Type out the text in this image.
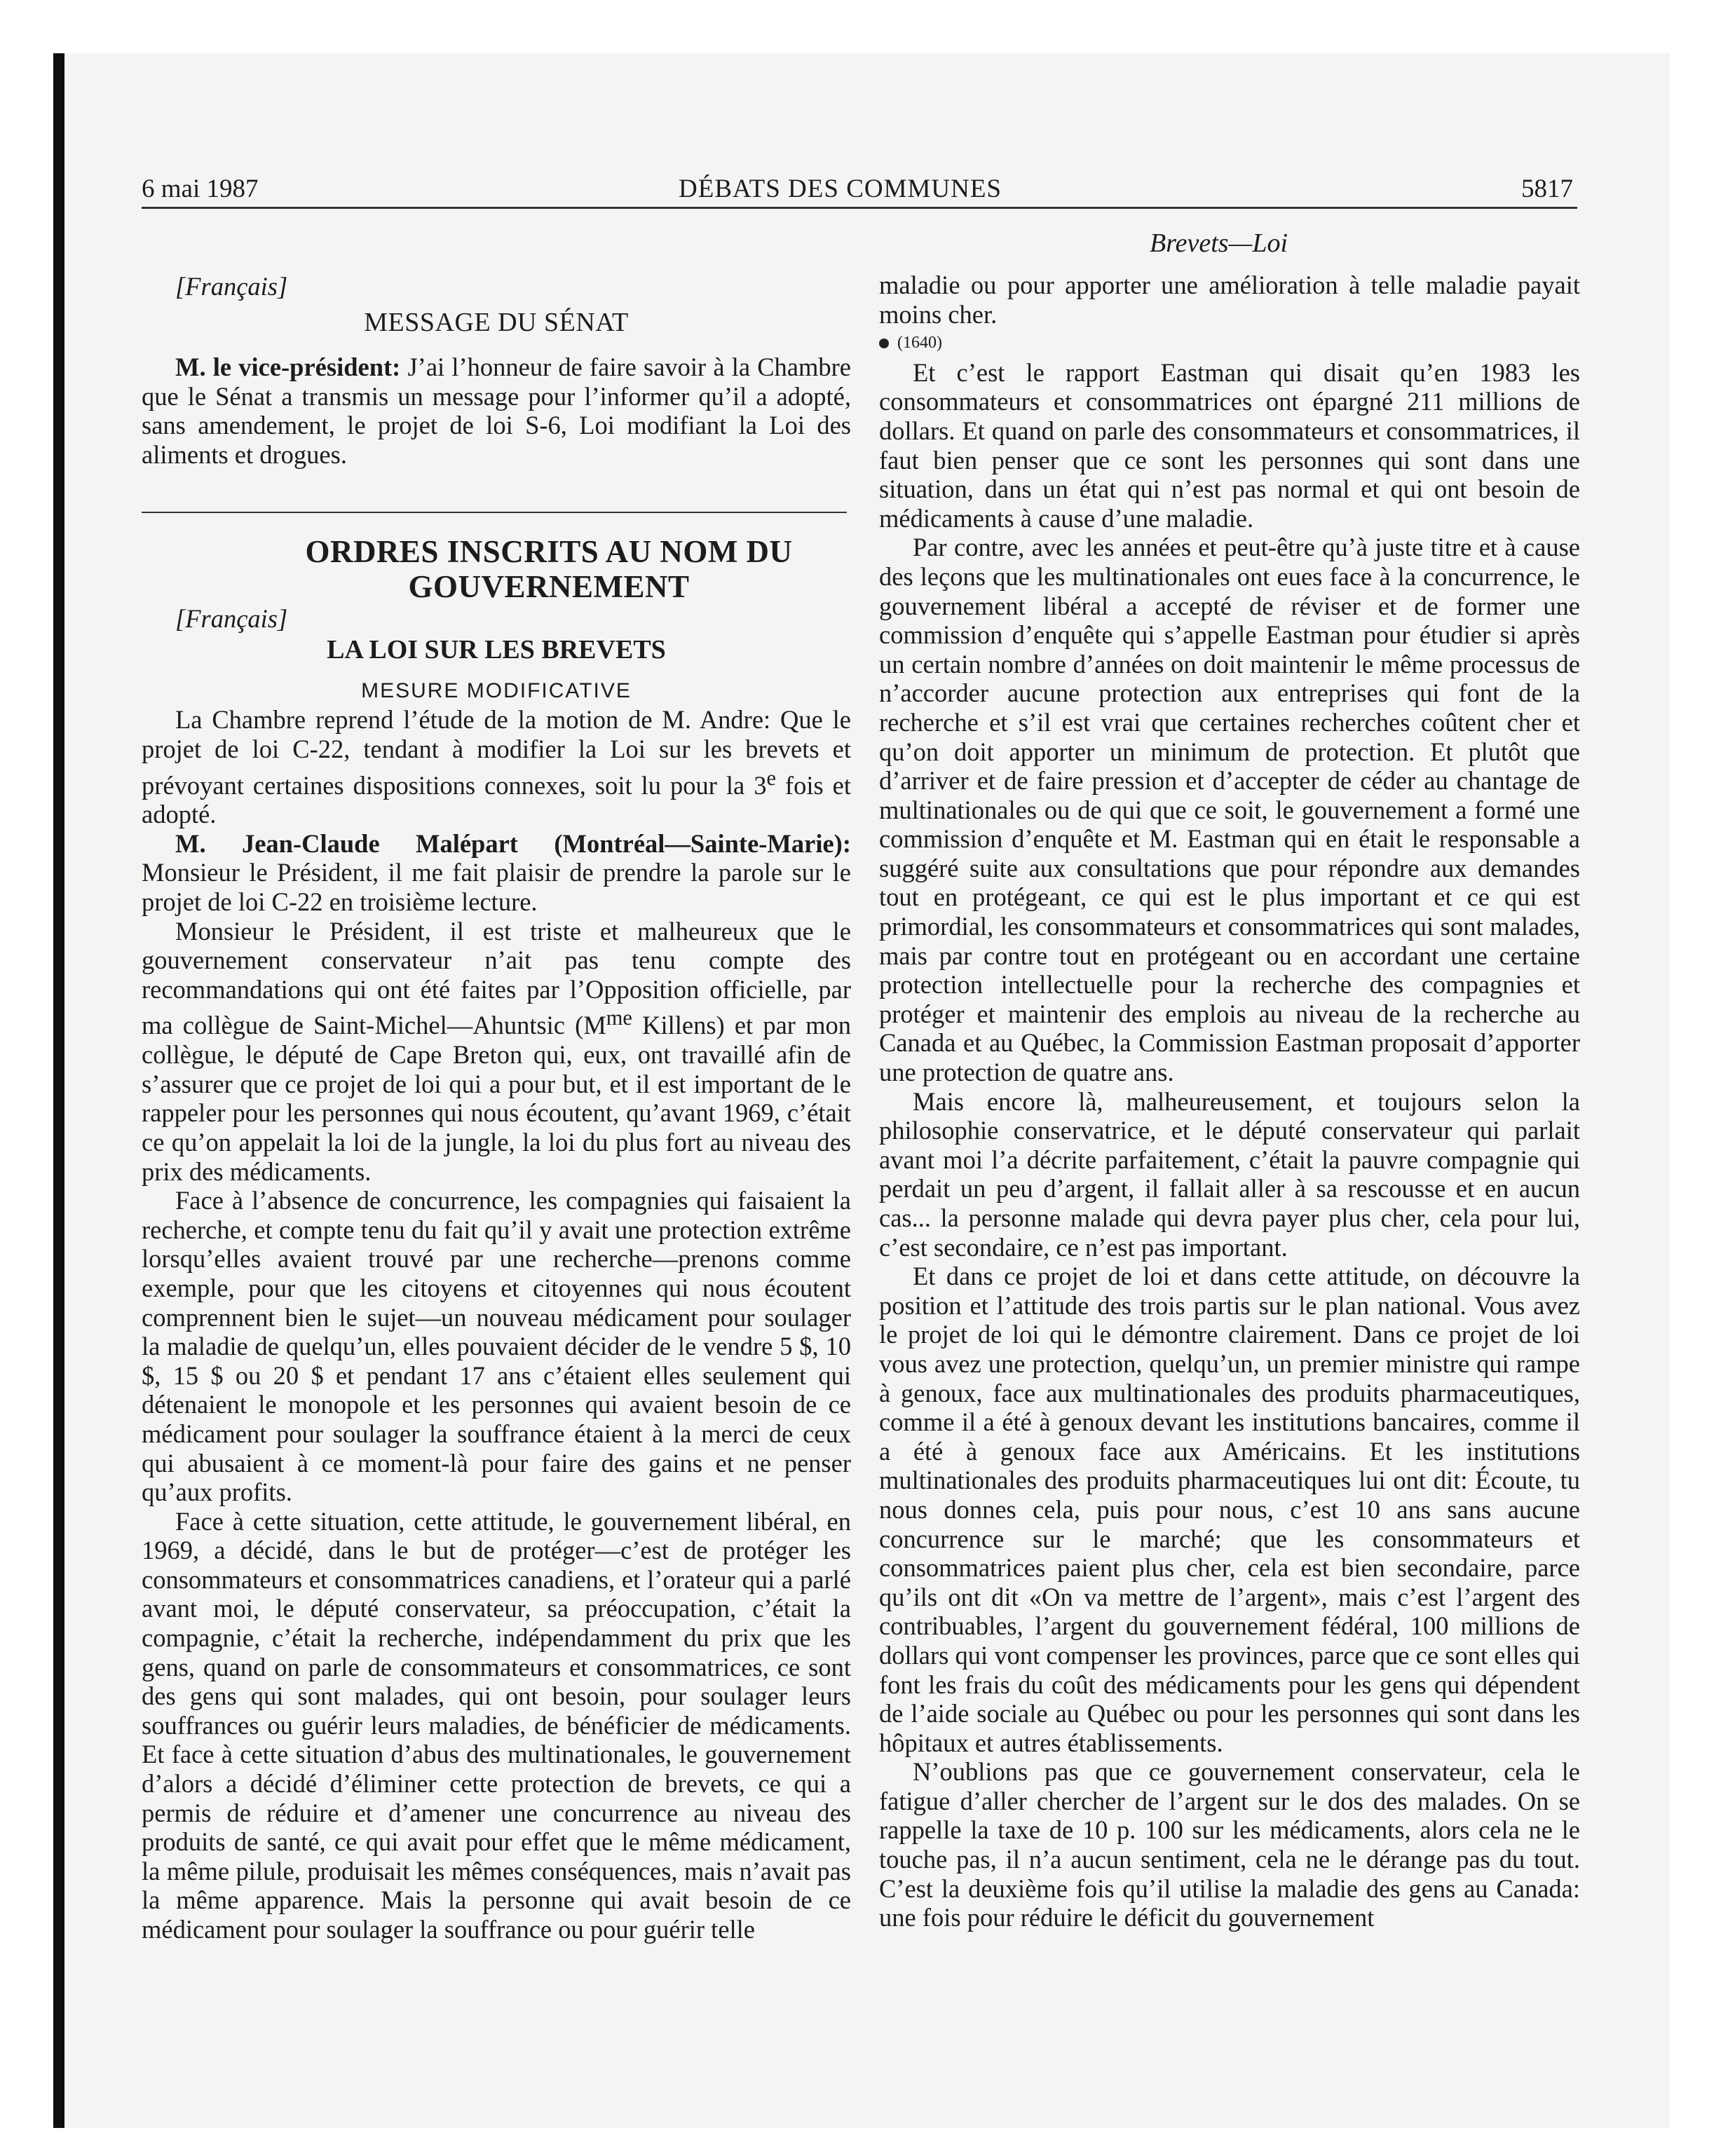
6 mai 1987	DÉBATS DES COMMUNES	5817
Brevets—Loi

[Français]

MESSAGE DU SÉNAT

M. le vice-président: J’ai l’honneur de faire savoir à la Chambre que le Sénat a transmis un message pour l’informer qu’il a adopté, sans amendement, le projet de loi S-6, Loi modifiant la Loi des aliments et drogues.

ORDRES INSCRITS AU NOM DU GOUVERNEMENT

[Français]

LA LOI SUR LES BREVETS
MESURE MODIFICATIVE

La Chambre reprend l’étude de la motion de M. Andre: Que le projet de loi C-22, tendant à modifier la Loi sur les brevets et prévoyant certaines dispositions connexes, soit lu pour la 3e fois et adopté.

M. Jean-Claude Malépart (Montréal—Sainte-Marie): Monsieur le Président, il me fait plaisir de prendre la parole sur le projet de loi C-22 en troisième lecture.

Monsieur le Président, il est triste et malheureux que le gouvernement conservateur n’ait pas tenu compte des recommandations qui ont été faites par l’Opposition officielle, par ma collègue de Saint-Michel—Ahuntsic ($M^{me}$ Killens) et par mon collègue, le député de Cape Breton qui, eux, ont travaillé afin de s’assurer que ce projet de loi qui a pour but, et il est important de le rappeler pour les personnes qui nous écoutent, qu’avant 1969, c’était ce qu’on appelait la loi de la jungle, la loi du plus fort au niveau des prix des médicaments.

Face à l’absence de concurrence, les compagnies qui faisaient la recherche, et compte tenu du fait qu’il y avait une protection extrême lorsqu’elles avaient trouvé par une recherche—prenons comme exemple, pour que les citoyens et citoyennes qui nous écoutent comprennent bien le sujet—un nouveau médicament pour soulager la maladie de quelqu’un, elles pouvaient décider de le vendre 5 $, 10 $, 15 $ ou 20 $ et pendant 17 ans c’étaient elles seulement qui détenaient le monopole et les personnes qui avaient besoin de ce médicament pour soulager la souffrance étaient à la merci de ceux qui abusaient à ce moment-là pour faire des gains et ne penser qu’aux profits.

Face à cette situation, cette attitude, le gouvernement libéral, en 1969, a décidé, dans le but de protéger—c’est de protéger les consommateurs et consommatrices canadiens, et l’orateur qui a parlé avant moi, le député conservateur, sa préoccupation, c’était la compagnie, c’était la recherche, indépendamment du prix que les gens, quand on parle de consommateurs et consommatrices, ce sont des gens qui sont malades, qui ont besoin, pour soulager leurs souffrances ou guérir leurs maladies, de bénéficier de médicaments. Et face à cette situation d’abus des multinationales, le gouvernement d’alors a décidé d’éliminer cette protection de brevets, ce qui a permis de réduire et d’amener une concurrence au niveau des produits de santé, ce qui avait pour effet que le même médicament, la même pilule, produisait les mêmes conséquences, mais n’avait pas la même apparence. Mais la personne qui avait besoin de ce médicament pour soulager la souffrance ou pour guérir telle

maladie ou pour apporter une amélioration à telle maladie payait moins cher.

(1640)

Et c’est le rapport Eastman qui disait qu’en 1983 les consommateurs et consommatrices ont épargné 211 millions de dollars. Et quand on parle des consommateurs et consommatrices, il faut bien penser que ce sont les personnes qui sont dans une situation, dans un état qui n’est pas normal et qui ont besoin de médicaments à cause d’une maladie.

Par contre, avec les années et peut-être qu’à juste titre et à cause des leçons que les multinationales ont eues face à la concurrence, le gouvernement libéral a accepté de réviser et de former une commission d’enquête qui s’appelle Eastman pour étudier si après un certain nombre d’années on doit maintenir le même processus de n’accorder aucune protection aux entreprises qui font de la recherche et s’il est vrai que certaines recherches coûtent cher et qu’on doit apporter un minimum de protection. Et plutôt que d’arriver et de faire pression et d’accepter de céder au chantage de multinationales ou de qui que ce soit, le gouvernement a formé une commission d’enquête et M. Eastman qui en était le responsable a suggéré suite aux consultations que pour répondre aux demandes tout en protégeant, ce qui est le plus important et ce qui est primordial, les consommateurs et consommatrices qui sont malades, mais par contre tout en protégeant ou en accordant une certaine protection intellectuelle pour la recherche des compagnies et protéger et maintenir des emplois au niveau de la recherche au Canada et au Québec, la Commission Eastman proposait d’apporter une protection de quatre ans.

Mais encore là, malheureusement, et toujours selon la philosophie conservatrice, et le député conservateur qui parlait avant moi l’a décrite parfaitement, c’était la pauvre compagnie qui perdait un peu d’argent, il fallait aller à sa rescousse et en aucun cas... la personne malade qui devra payer plus cher, cela pour lui, c’est secondaire, ce n’est pas important.

Et dans ce projet de loi et dans cette attitude, on découvre la position et l’attitude des trois partis sur le plan national. Vous avez le projet de loi qui le démontre clairement. Dans ce projet de loi vous avez une protection, quelqu’un, un premier ministre qui rampe à genoux, face aux multinationales des produits pharmaceutiques, comme il a été à genoux devant les institutions bancaires, comme il a été à genoux face aux Américains. Et les institutions multinationales des produits pharmaceutiques lui ont dit: Écoute, tu nous donnes cela, puis pour nous, c’est 10 ans sans aucune concurrence sur le marché; que les consommateurs et consommatrices paient plus cher, cela est bien secondaire, parce qu’ils ont dit «On va mettre de l’argent», mais c’est l’argent des contribuables, l’argent du gouvernement fédéral, 100 millions de dollars qui vont compenser les provinces, parce que ce sont elles qui font les frais du coût des médicaments pour les gens qui dépendent de l’aide sociale au Québec ou pour les personnes qui sont dans les hôpitaux et autres établissements.

N’oublions pas que ce gouvernement conservateur, cela le fatigue d’aller chercher de l’argent sur le dos des malades. On se rappelle la taxe de 10 p. 100 sur les médicaments, alors cela ne le touche pas, il n’a aucun sentiment, cela ne le dérange pas du tout. C’est la deuxième fois qu’il utilise la maladie des gens au Canada: une fois pour réduire le déficit du gouvernement
